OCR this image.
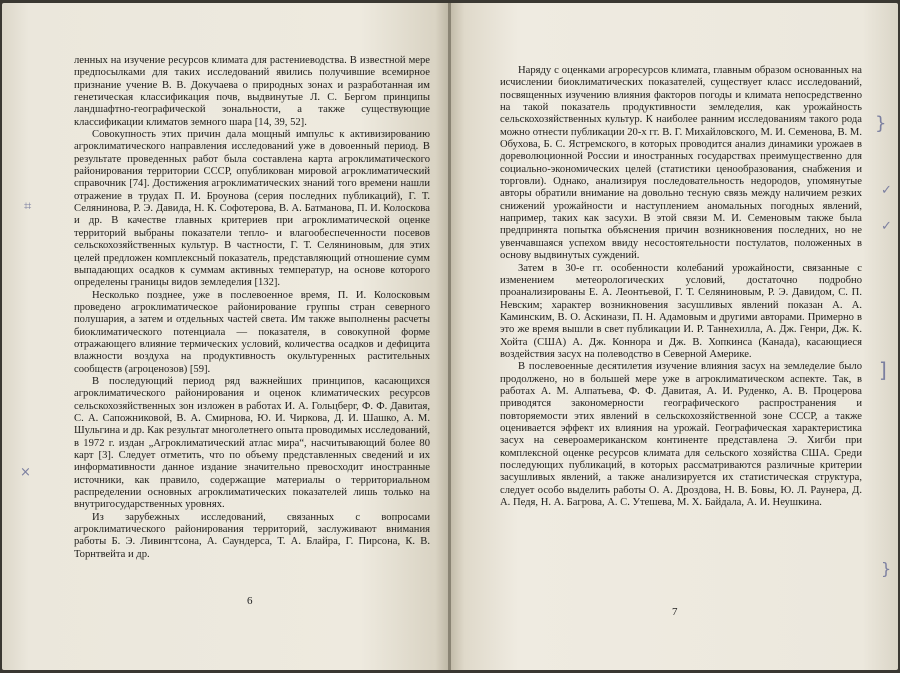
ленных на изучение ресурсов климата для растениеводства. В известной мере предпосылками для таких исследований явились получившие всемирное признание учение В. В. Докучаева о природных зонах и разработанная им генетическая классификация почв, выдвинутые Л. С. Бергом принципы ландшафтно-географической зональности, а также существующие классификации климатов земного шара [14, 39, 52].

Совокупность этих причин дала мощный импульс к активизированию агроклиматического направления исследований уже в довоенный период. В результате проведенных работ была составлена карта агроклиматического районирования территории СССР, опубликован мировой агроклиматический справочник [74]. Достижения агроклиматических знаний того времени нашли отражение в трудах П. И. Броунова (серия последних публикаций), Г. Т. Селянинова, Р. Э. Давида, Н. К. Софотерова, В. А. Батманова, П. И. Колоскова и др. В качестве главных критериев при агроклиматической оценке территорий выбраны показатели тепло- и влагообеспеченности посевов сельскохозяйственных культур. В частности, Г. Т. Селяниновым, для этих целей предложен комплексный показатель, представляющий отношение сумм выпадающих осадков к суммам активных температур, на основе которого определены границы видов земледелия [132].

Несколько позднее, уже в послевоенное время, П. И. Колосковым проведено агроклиматическое районирование группы стран северного полушария, а затем и отдельных частей света. Им также выполнены расчеты биоклиматического потенциала — показателя, в совокупной форме отражающего влияние термических условий, количества осадков и дефицита влажности воздуха на продуктивность окультуренных растительных сообществ (агроценозов) [59].

В последующий период ряд важнейших принципов, касающихся агроклиматического районирования и оценок климатических ресурсов сельскохозяйственных зон изложен в работах И. А. Гольцберг, Ф. Ф. Давитая, С. А. Сапожниковой, В. А. Смирнова, Ю. И. Чиркова, Д. И. Шашко, А. М. Шульгина и др. Как результат многолетнего опыта проводимых исследований, в 1972 г. издан „Агроклиматический атлас мира“, насчитывающий более 80 карт [3]. Следует отметить, что по объему представленных сведений и их информативности данное издание значительно превосходит иностранные источники, как правило, содержащие материалы о территориальном распределении основных агроклиматических показателей лишь только на внутригосударственных уровнях.

Из зарубежных исследований, связанных с вопросами агроклиматического районирования территорий, заслуживают внимания работы Б. Э. Ливингтсона, А. Саундерса, Т. А. Блайра, Г. Пирсона, К. В. Торнтвейта и др.

6
⌗
×

Наряду с оценками агроресурсов климата, главным образом основанных на исчислении биоклиматических показателей, существует класс исследований, посвященных изучению влияния факторов погоды и климата непосредственно на такой показатель продуктивности земледелия, как урожайность сельскохозяйственных культур. К наиболее ранним исследованиям такого рода можно отнести публикации 20-х гг. В. Г. Михайловского, М. И. Семенова, В. М. Обухова, Б. С. Ястремского, в которых проводится анализ динамики урожаев в дореволюционной России и иностранных государствах преимущественно для социально-экономических целей (статистики ценообразования, снабжения и торговли). Однако, анализируя последовательность недородов, упомянутые авторы обратили внимание на довольно тесную связь между наличием резких снижений урожайности и наступлением аномальных погодных явлений, например, таких как засухи. В этой связи М. И. Семеновым также была предпринята попытка объяснения причин возникновения последних, но не увенчавшаяся успехом ввиду несостоятельности постулатов, положенных в основу выдвинутых суждений.

Затем в 30-е гг. особенности колебаний урожайности, связанные с изменением метеорологических условий, достаточно подробно проанализированы Е. А. Леонтьевой, Г. Т. Селяниновым, Р. Э. Давидом, С. П. Невским; характер возникновения засушливых явлений показан А. А. Каминским, В. О. Аскинази, П. Н. Адамовым и другими авторами. Примерно в это же время вышли в свет публикации И. Р. Таннехилла, А. Дж. Генри, Дж. К. Хойта (США) А. Дж. Коннора и Дж. В. Хопкинса (Канада), касающиеся воздействия засух на полеводство в Северной Америке.

В послевоенные десятилетия изучение влияния засух на земледелие было продолжено, но в большей мере уже в агроклиматическом аспекте. Так, в работах А. М. Алпатьева, Ф. Ф. Давитая, А. И. Руденко, А. В. Процерова приводятся закономерности географического распространения и повторяемости этих явлений в сельскохозяйственной зоне СССР, а также оценивается эффект их влияния на урожай. Географическая характеристика засух на североамериканском континенте представлена Э. Хигби при комплексной оценке ресурсов климата для сельского хозяйства США. Среди последующих публикаций, в которых рассматриваются различные критерии засушливых явлений, а также анализируется их статистическая структура, следует особо выделить работы О. А. Дроздова, Н. В. Бовы, Ю. Л. Раунера, Д. А. Педя, Н. А. Багрова, А. С. Утешева, М. Х. Байдала, А. И. Неушкина.

7
}
✓
✓
]
}
